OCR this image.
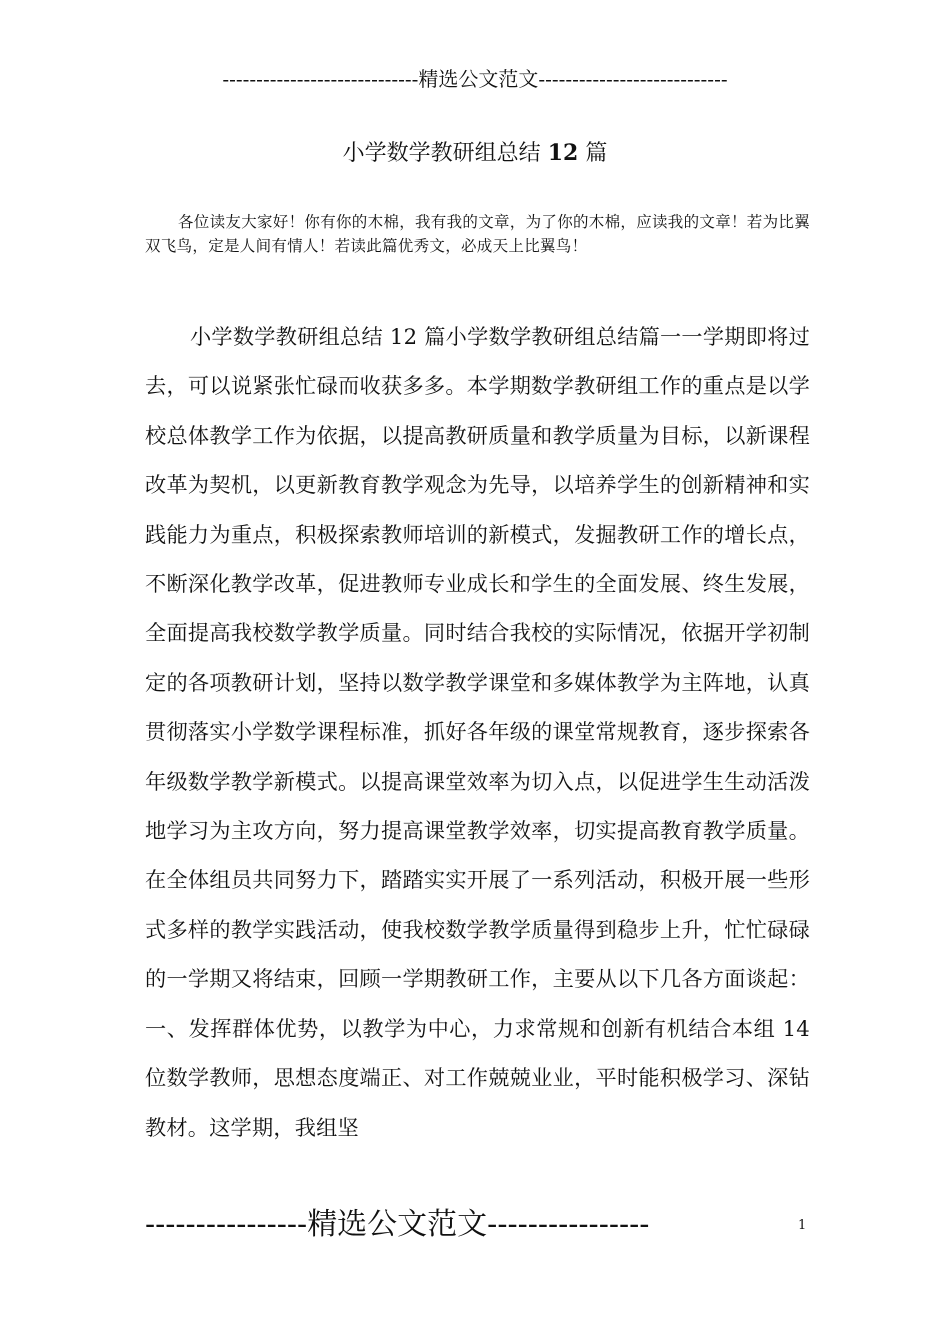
-----------------------------精选公文范文----------------------------
小学数学教研组总结 12 篇
各位读友大家好！你有你的木棉，我有我的文章，为了你的木棉，应读我的文章！若为比翼双飞鸟，定是人间有情人！若读此篇优秀文，必成天上比翼鸟！
小学数学教研组总结 12 篇小学数学教研组总结篇一一学期即将过去，可以说紧张忙碌而收获多多。本学期数学教研组工作的重点是以学校总体教学工作为依据，以提高教研质量和教学质量为目标，以新课程改革为契机，以更新教育教学观念为先导，以培养学生的创新精神和实践能力为重点，积极探索教师培训的新模式，发掘教研工作的增长点，不断深化教学改革，促进教师专业成长和学生的全面发展、终生发展，全面提高我校数学教学质量。同时结合我校的实际情况，依据开学初制定的各项教研计划，坚持以数学教学课堂和多媒体教学为主阵地，认真贯彻落实小学数学课程标准，抓好各年级的课堂常规教育，逐步探索各年级数学教学新模式。以提高课堂效率为切入点，以促进学生生动活泼地学习为主攻方向，努力提高课堂教学效率，切实提高教育教学质量。在全体组员共同努力下，踏踏实实开展了一系列活动，积极开展一些形式多样的教学实践活动，使我校数学教学质量得到稳步上升，忙忙碌碌的一学期又将结束，回顾一学期教研工作，主要从以下几各方面谈起：一、发挥群体优势，以教学为中心，力求常规和创新有机结合本组 14 位数学教师，思想态度端正、对工作兢兢业业，平时能积极学习、深钻教材。这学期，我组坚
----------------精选公文范文----------------	1
